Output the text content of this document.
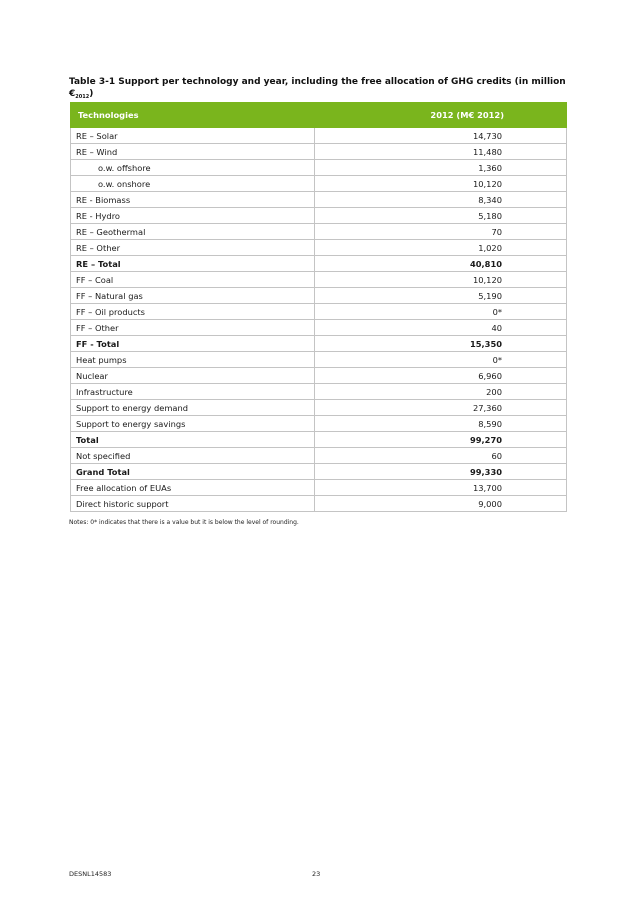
Table 3-1 Support per technology and year, including the free allocation of GHG credits (in million $€_{2012}$)
Technologies	2012 (M€ 2012)
RE – Solar	14,730
RE – Wind	11,480
o.w. offshore	1,360
o.w. onshore	10,120
RE - Biomass	8,340
RE - Hydro	5,180
RE – Geothermal	70
RE – Other	1,020
RE – Total	40,810
FF – Coal	10,120
FF – Natural gas	5,190
FF – Oil products	0*
FF – Other	40
FF - Total	15,350
Heat pumps	0*
Nuclear	6,960
Infrastructure	200
Support to energy demand	27,360
Support to energy savings	8,590
Total	99,270
Not specified	60
Grand Total	99,330
Free allocation of EUAs	13,700
Direct historic support	9,000
Notes: 0* indicates that there is a value but it is below the level of rounding.
DESNL14583	23
